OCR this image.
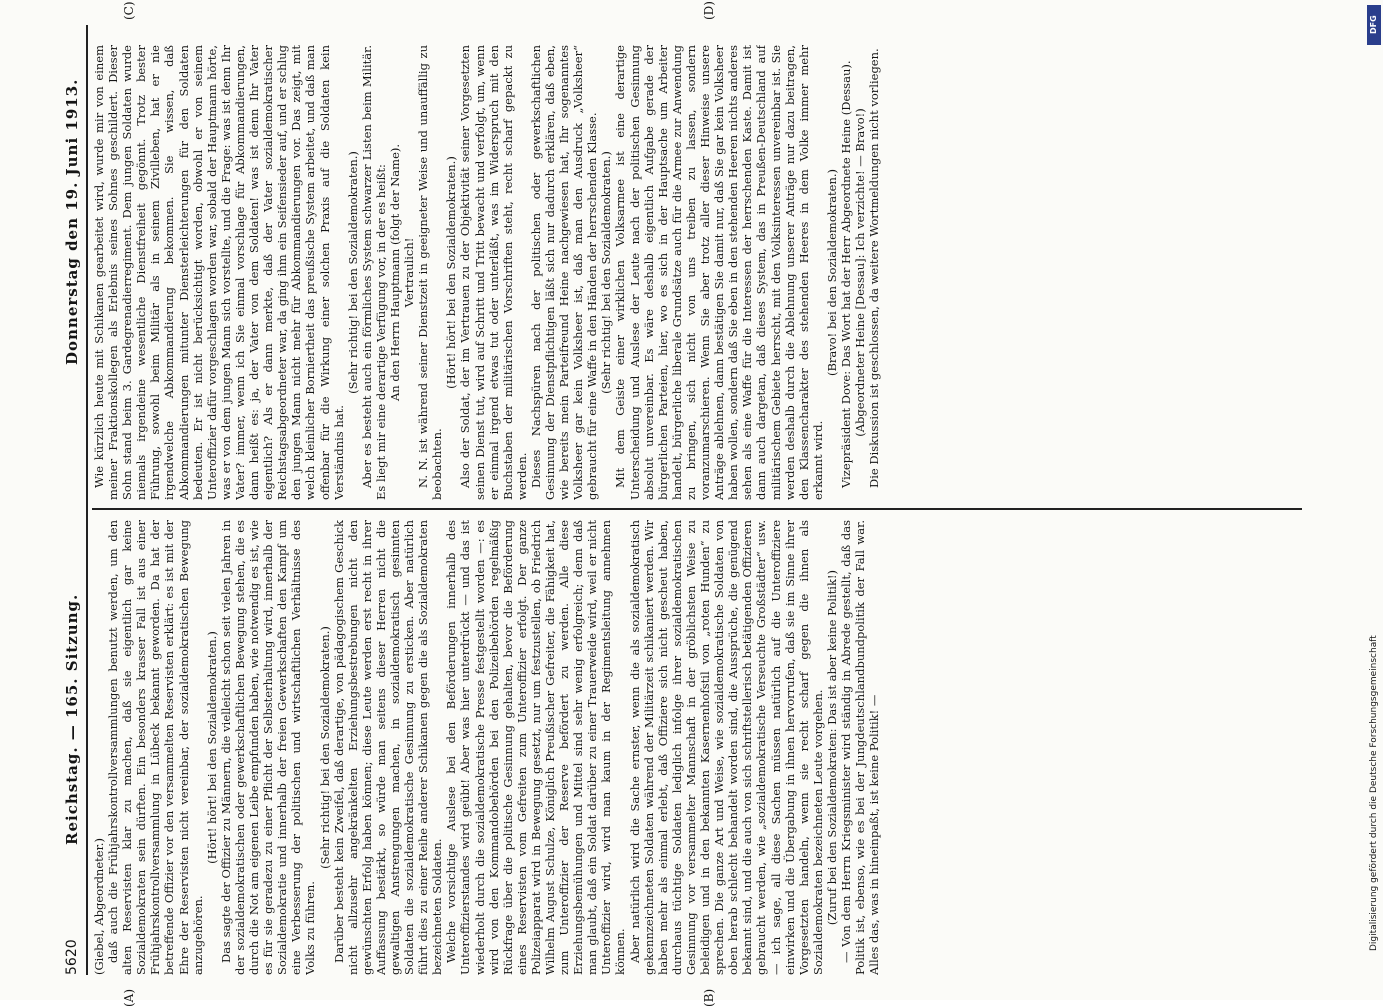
5620
Reichstag. — 165. Sitzung.
Donnerstag den 19. Juni 1913.
(A)	(B)
(C)	(D)

(Giebel, Abgeordneter.) daß auch die Frühjahrskontrollversammlungen benutzt werden, um den alten Reservisten klar zu machen, daß sie eigentlich gar keine Sozialdemokraten sein dürften. Ein besonders krasser Fall ist aus einer Frühjahrskontrollversammlung in Lübeck bekannt geworden. Da hat der betreffende Offizier vor den versammelten Reservisten erklärt: es ist mit der Ehre der Reservisten nicht vereinbar, der sozialdemokratischen Bewegung anzugehören.

(Hört! hört! bei den Sozialdemokraten.) Das sagte der Offizier zu Männern, die vielleicht schon seit vielen Jahren in der sozialdemokratischen oder gewerkschaftlichen Bewegung stehen, die es durch die Not am eigenen Leibe empfunden haben, wie notwendig es ist, wie es für sie geradezu zu einer Pflicht der Selbsterhaltung wird, innerhalb der Sozialdemokratie und innerhalb der freien Gewerkschaften den Kampf um eine Verbesserung der politischen und wirtschaftlichen Verhältnisse des Volks zu führen.

(Sehr richtig! bei den Sozialdemokraten.) Darüber besteht kein Zweifel, daß derartige, von pädagogischem Geschick nicht allzusehr angekränkelten Erziehungsbestrebungen nicht den gewünschten Erfolg haben können; diese Leute werden erst recht in ihrer Auffassung bestärkt, so würde man seitens dieser Herren nicht die gewaltigen Anstrengungen machen, in sozialdemokratisch gesinnten Soldaten die sozialdemokratische Gesinnung zu ersticken. Aber natürlich führt dies zu einer Reihe anderer Schikanen gegen die als Sozialdemokraten bezeichneten Soldaten. Welche vorsichtige Auslese bei den Beförderungen innerhalb des Unteroffizierstandes wird geübt! Aber was hier unterdrückt — und das ist wiederholt durch die sozialdemokratische Presse festgestellt worden —: es wird von den Kommandobehörden bei den Polizeibehörden regelmäßig Rückfrage über die politische Gesinnung gehalten, bevor die Beförderung eines Reservisten vom Gefreiten zum Unteroffizier erfolgt. Der ganze Polizeiapparat wird in Bewegung gesetzt, nur um festzustellen, ob Friedrich Wilhelm August Schulze, Königlich Preußischer Gefreiter, die Fähigkeit hat, zum Unteroffizier der Reserve befördert zu werden. Alle diese Erziehungsbemühungen und Mittel sind sehr wenig erfolgreich; denn daß man glaubt, daß ein Soldat darüber zu einer Trauerweide wird, weil er nicht Unteroffizier wird, wird man kaum in der Regimentsleitung annehmen können. Aber natürlich wird die Sache ernster, wenn die als sozialdemokratisch gekennzeichneten Soldaten während der Militärzeit schikaniert werden. Wir haben mehr als einmal erlebt, daß Offiziere sich nicht gescheut haben, durchaus tüchtige Soldaten lediglich infolge ihrer sozialdemokratischen Gesinnung vor versammelter Mannschaft in der gröblichsten Weise zu beleidigen und in den bekannten Kasernenhofstil von „roten Hunden“ zu sprechen. Die ganze Art und Weise, wie sozialdemokratische Soldaten von oben herab schlecht behandelt worden sind, die Aussprüche, die genügend bekannt sind, und die auch von sich schriftstellerisch betätigenden Offizieren gebraucht werden, wie „sozialdemokratische Verseuchte Großstädter“ usw. — ich sage, all diese Sachen müssen natürlich auf die Unteroffiziere einwirken und die Übergabung in ihnen hervorrufen, daß sie im Sinne ihrer Vorgesetzten handeln, wenn sie recht scharf gegen die ihnen als Sozialdemokraten bezeichneten Leute vorgehen. (Zuruf bei den Sozialdemokraten: Das ist aber keine Politik!) — Von dem Herrn Kriegsminister wird ständig in Abrede gestellt, daß das Politik ist, ebenso, wie es bei der Jungdeutschlandbundpolitik der Fall war. Alles das, was in hineinpaßt, ist keine Politik! —

Wie kürzlich heute mit Schikanen gearbeitet wird, wurde mir von einem meiner Fraktionskollegen als Erlebnis seines Sohnes geschildert. Dieser Sohn stand beim 3. Gardegrenadierregiment. Dem jungen Soldaten wurde niemals irgendeine wesentliche Dienstfreiheit gegönnt. Trotz bester Führung, sowohl beim Militär als in seinem Zivilleben, hat er nie irgendwelche Abkommandierung bekommen. Sie wissen, daß Abkommandierungen mitunter Diensterleichterungen für den Soldaten bedeuten. Er ist nicht berücksichtigt worden, obwohl er von seinem Unteroffizier dafür vorgeschlagen worden war, sobald der Hauptmann hörte, was er von dem jungen Mann sich vorstellte, und die Frage: was ist denn Ihr Vater? immer, wenn ich Sie einmal vorschlage für Abkommandierungen, dann heißt es: ja, der Vater von dem Soldaten! was ist denn Ihr Vater eigentlich? Als er dann merkte, daß der Vater sozialdemokratischer Reichstagsabgeordneter war, da ging ihm ein Seifensieder auf, und er schlug den jungen Mann nicht mehr für Abkommandierungen vor. Das zeigt, mit welch kleinlicher Borniertheit das preußische System arbeitet, und daß man offenbar für die Wirkung einer solchen Praxis auf die Soldaten kein Verständnis hat.

(Sehr richtig! bei den Sozialdemokraten.) Aber es besteht auch ein förmliches System schwarzer Listen beim Militär. Es liegt mir eine derartige Verfügung vor, in der es heißt: An den Herrn Hauptmann (folgt der Name). Vertraulich! N. N. ist während seiner Dienstzeit in geeigneter Weise und unauffällig zu beobachten.

(Hört! hört! bei den Sozialdemokraten.) Also der Soldat, der im Vertrauen zu der Objektivität seiner Vorgesetzten seinen Dienst tut, wird auf Schritt und Tritt bewacht und verfolgt, um, wenn er einmal irgend etwas tut oder unterläßt, was im Widerspruch mit den Buchstaben der militärischen Vorschriften steht, recht scharf gepackt zu werden. Dieses Nachspüren nach der politischen oder gewerkschaftlichen Gesinnung der Dienstpflichtigen läßt sich nur dadurch erklären, daß eben, wie bereits mein Parteifreund Heine nachgewiesen hat, Ihr sogenanntes Volksheer gar kein Volksheer ist, daß man den Ausdruck „Volksheer“ gebraucht für eine Waffe in den Händen der herrschenden Klasse. (Sehr richtig! bei den Sozialdemokraten.) Mit dem Geiste einer wirklichen Volksarmee ist eine derartige Unterscheidung und Auslese der Leute nach der politischen Gesinnung absolut unvereinbar. Es wäre deshalb eigentlich Aufgabe gerade der bürgerlichen Parteien, hier, wo es sich in der Hauptsache um Arbeiter handelt, bürgerliche liberale Grundsätze auch für die Armee zur Anwendung zu bringen, sich nicht von uns treiben zu lassen, sondern voranzumarschieren. Wenn Sie aber trotz aller dieser Hinweise unsere Anträge ablehnen, dann bestätigen Sie damit nur, daß Sie gar kein Volksheer haben wollen, sondern daß Sie eben in den stehenden Heeren nichts anderes sehen als eine Waffe für die Interessen der herrschenden Kaste. Damit ist dann auch dargetan, daß dieses System, das in Preußen-Deutschland auf militärischem Gebiete herrscht, mit den Volksinteressen unvereinbar ist. Sie werden deshalb durch die Ablehnung unserer Anträge nur dazu beitragen, den Klassencharakter des stehenden Heeres in dem Volke immer mehr erkannt wird.

(Bravo! bei den Sozialdemokraten.) Vizepräsident Dove: Das Wort hat der Herr Abgeordnete Heine (Dessau). (Abgeordneter Heine [Dessau]: Ich verzichte! — Bravo!) Die Diskussion ist geschlossen, da weitere Wortmeldungen nicht vorliegen.

DFG
Digitalisierung gefördert durch die Deutsche Forschungsgemeinschaft
